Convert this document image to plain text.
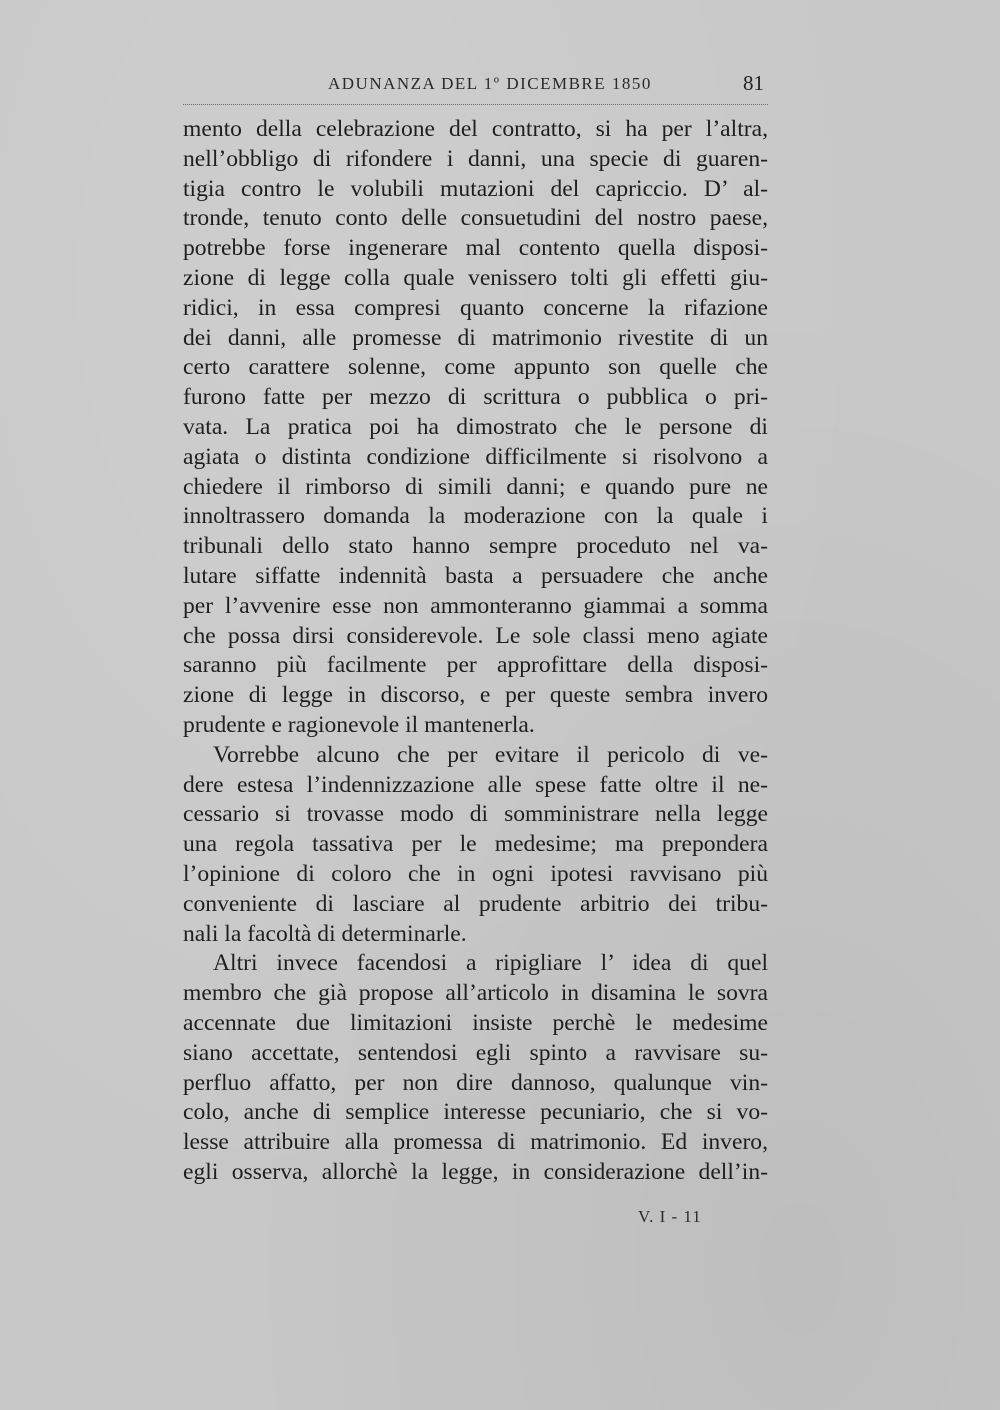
ADUNANZA DEL 1º DICEMBRE 1850	81
mento della celebrazione del contratto, si ha per l’altra,
nell’obbligo di rifondere i danni, una specie di guaren-
tigia contro le volubili mutazioni del capriccio. D’ al-
tronde, tenuto conto delle consuetudini del nostro paese,
potrebbe forse ingenerare mal contento quella disposi-
zione di legge colla quale venissero tolti gli effetti giu-
ridici, in essa compresi quanto concerne la rifazione
dei danni, alle promesse di matrimonio rivestite di un
certo carattere solenne, come appunto son quelle che
furono fatte per mezzo di scrittura o pubblica o pri-
vata. La pratica poi ha dimostrato che le persone di
agiata o distinta condizione difficilmente si risolvono a
chiedere il rimborso di simili danni; e quando pure ne
innoltrassero domanda la moderazione con la quale i
tribunali dello stato hanno sempre proceduto nel va-
lutare siffatte indennità basta a persuadere che anche
per l’avvenire esse non ammonteranno giammai a somma
che possa dirsi considerevole. Le sole classi meno agiate
saranno più facilmente per approfittare della disposi-
zione di legge in discorso, e per queste sembra invero
prudente e ragionevole il mantenerla.
Vorrebbe alcuno che per evitare il pericolo di ve-
dere estesa l’indennizzazione alle spese fatte oltre il ne-
cessario si trovasse modo di somministrare nella legge
una regola tassativa per le medesime; ma prepondera
l’opinione di coloro che in ogni ipotesi ravvisano più
conveniente di lasciare al prudente arbitrio dei tribu-
nali la facoltà di determinarle.
Altri invece facendosi a ripigliare l’ idea di quel
membro che già propose all’articolo in disamina le sovra
accennate due limitazioni insiste perchè le medesime
siano accettate, sentendosi egli spinto a ravvisare su-
perfluo affatto, per non dire dannoso, qualunque vin-
colo, anche di semplice interesse pecuniario, che si vo-
lesse attribuire alla promessa di matrimonio. Ed invero,
egli osserva, allorchè la legge, in considerazione dell’in-
V. I - 11
